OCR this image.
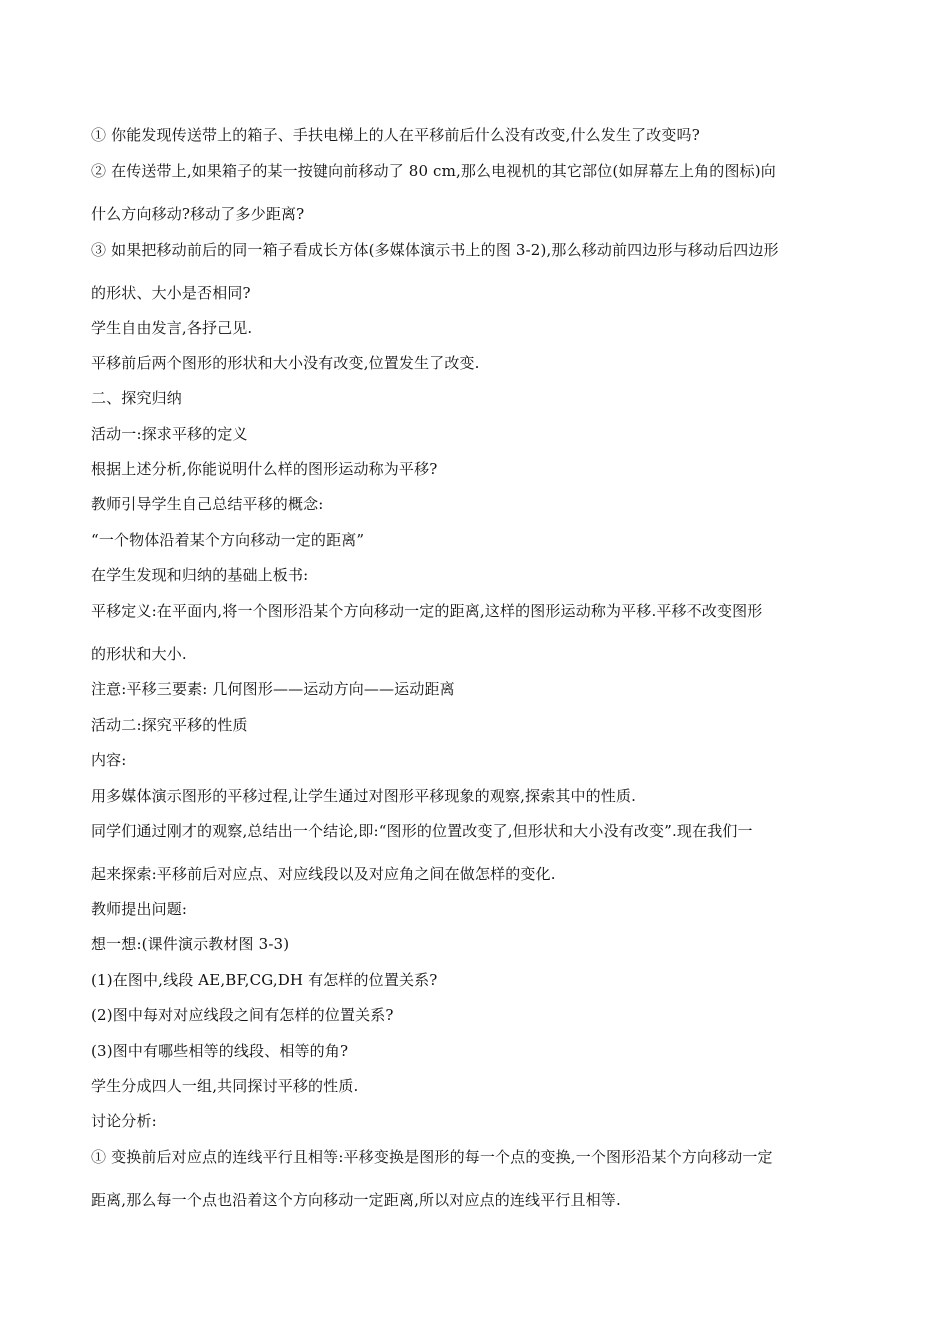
① 你能发现传送带上的箱子、手扶电梯上的人在平移前后什么没有改变,什么发生了改变吗?
② 在传送带上,如果箱子的某一按键向前移动了 80 cm,那么电视机的其它部位(如屏幕左上角的图标)向
什么方向移动?移动了多少距离?
③ 如果把移动前后的同一箱子看成长方体(多媒体演示书上的图 3-2),那么移动前四边形与移动后四边形
的形状、大小是否相同?
学生自由发言,各抒己见.
平移前后两个图形的形状和大小没有改变,位置发生了改变.
二、探究归纳
活动一:探求平移的定义
根据上述分析,你能说明什么样的图形运动称为平移?
教师引导学生自己总结平移的概念:
“一个物体沿着某个方向移动一定的距离”
在学生发现和归纳的基础上板书:
平移定义:在平面内,将一个图形沿某个方向移动一定的距离,这样的图形运动称为平移.平移不改变图形
的形状和大小.
注意:平移三要素: 几何图形——运动方向——运动距离
活动二:探究平移的性质
内容:
用多媒体演示图形的平移过程,让学生通过对图形平移现象的观察,探索其中的性质.
同学们通过刚才的观察,总结出一个结论,即:“图形的位置改变了,但形状和大小没有改变”.现在我们一
起来探索:平移前后对应点、对应线段以及对应角之间在做怎样的变化.
教师提出问题:
想一想:(课件演示教材图 3-3)
(1)在图中,线段 AE,BF,CG,DH 有怎样的位置关系?
(2)图中每对对应线段之间有怎样的位置关系?
(3)图中有哪些相等的线段、相等的角?
学生分成四人一组,共同探讨平移的性质.
讨论分析:
① 变换前后对应点的连线平行且相等:平移变换是图形的每一个点的变换,一个图形沿某个方向移动一定
距离,那么每一个点也沿着这个方向移动一定距离,所以对应点的连线平行且相等.
